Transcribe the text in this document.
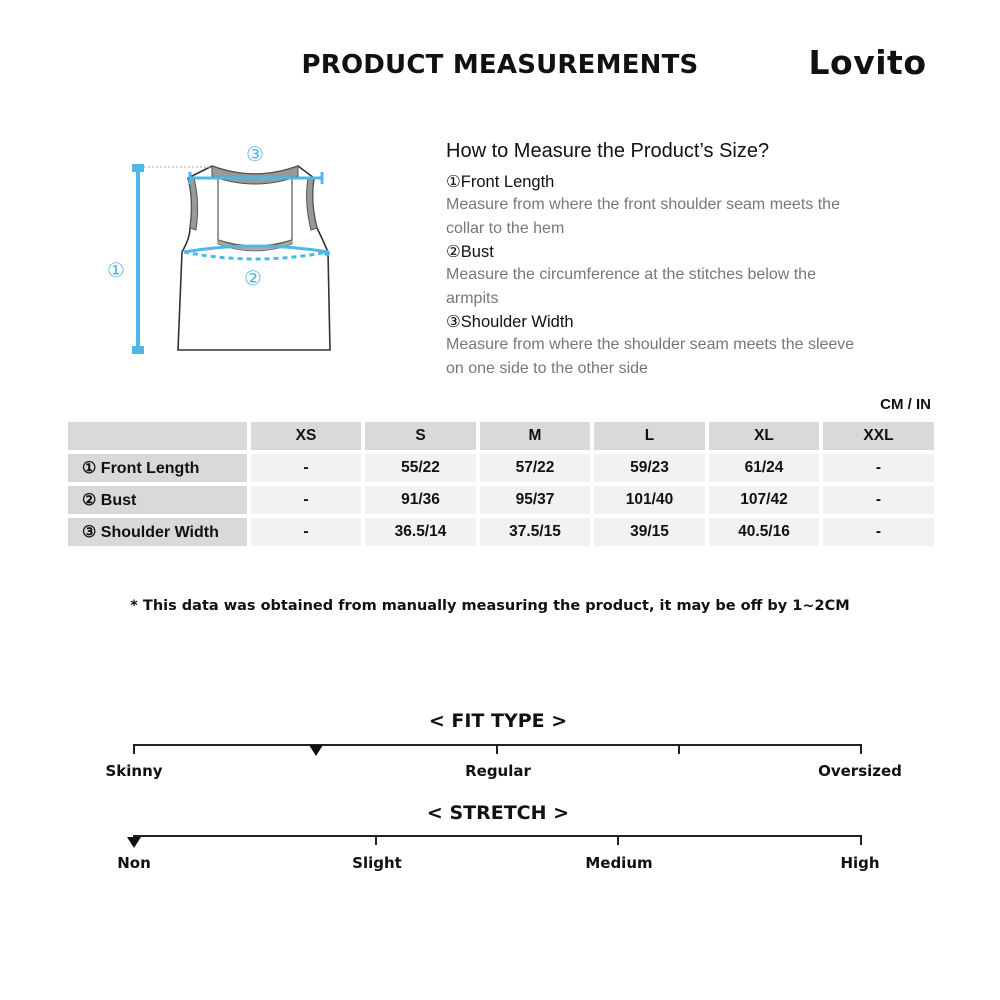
PRODUCT MEASUREMENTS	Lovito
①	②
③	How to Measure the Product’s Size?
①Front Length
Measure from where the front shoulder seam meets the
collar to the hem
②Bust
Measure the circumference at the stitches below the
armpits
③Shoulder Width
Measure from where the shoulder seam meets the sleeve
on one side to the other side
CM / IN
	XS	S	M	L	XL	XXL
① Front Length	-	55/22	57/22	59/23	61/24	-
② Bust	-	91/36	95/37	101/40	107/42	-
③ Shoulder Width	-	36.5/14	37.5/15	39/15	40.5/16	-
* This data was obtained from manually measuring the product, it may be off by 1~2CM
< FIT TYPE >
Skinny	Regular	Oversized
< STRETCH >
Non	Slight	Medium	High
